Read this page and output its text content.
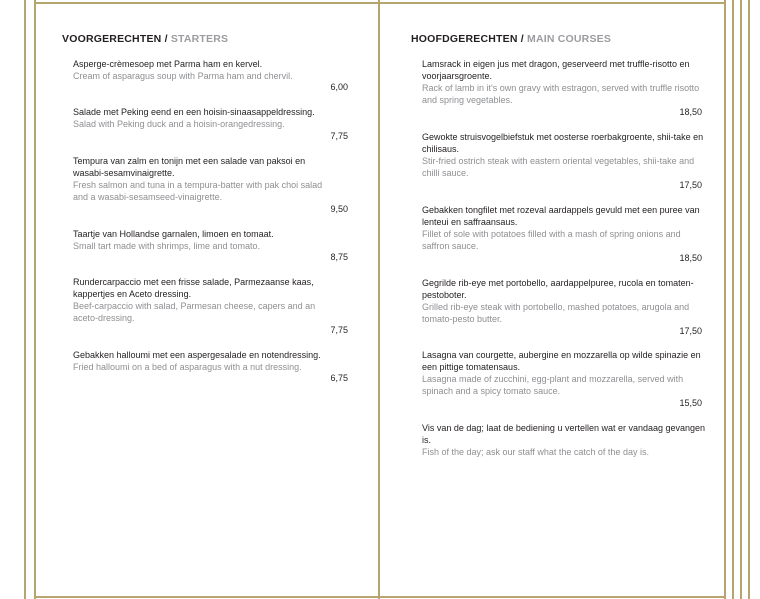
VOORGERECHTEN / STARTERS
Asperge-crèmesoep met Parma ham en kervel.
Cream of asparagus soup with Parma ham and chervil.
6,00
Salade met Peking eend en een hoisin-sinaasappeldressing.
Salad with Peking duck and a hoisin-orangedressing.
7,75
Tempura van zalm en tonijn met een salade van paksoi en wasabi-sesamvinaigrette.
Fresh salmon and tuna in a tempura-batter with pak choi salad and a wasabi-sesamseed-vinaigrette.
9,50
Taartje van Hollandse garnalen, limoen en tomaat.
Small tart made with shrimps, lime and tomato.
8,75
Rundercarpaccio met een frisse salade, Parmezaanse kaas, kappertjes en Aceto dressing.
Beef-carpaccio with salad, Parmesan cheese, capers and an aceto-dressing.
7,75
Gebakken halloumi met een aspergesalade en notendressing.
Fried halloumi on a bed of asparagus with a nut dressing.
6,75
HOOFDGERECHTEN / MAIN COURSES
Lamsrack in eigen jus met dragon, geserveerd met truffle-risotto en voorjaarsgroente.
Rack of lamb in it's own gravy with estragon, served with truffle risotto and spring vegetables.
18,50
Gewokte struisvogelbiefstuk met oosterse roerbakgroente, shii-take en chilisaus.
Stir-fried ostrich steak with eastern oriental vegetables, shii-take and chilli sauce.
17,50
Gebakken tongfilet met rozeval aardappels gevuld met een puree van lenteui en saffraansaus.
Fillet of sole with potatoes filled with a mash of spring onions and saffron sauce.
18,50
Gegrilde rib-eye met portobello, aardappelpuree, rucola en tomaten-pestoboter.
Grilled rib-eye steak with portobello, mashed potatoes, arugola and tomato-pesto butter.
17,50
Lasagna van courgette, aubergine en mozzarella op wilde spinazie en een pittige tomatensaus.
Lasagna made of zucchini, egg-plant and mozzarella, served with spinach and a spicy tomato sauce.
15,50
Vis van de dag; laat de bediening u vertellen wat er vandaag gevangen is.
Fish of the day; ask our staff what the catch of the day is.
